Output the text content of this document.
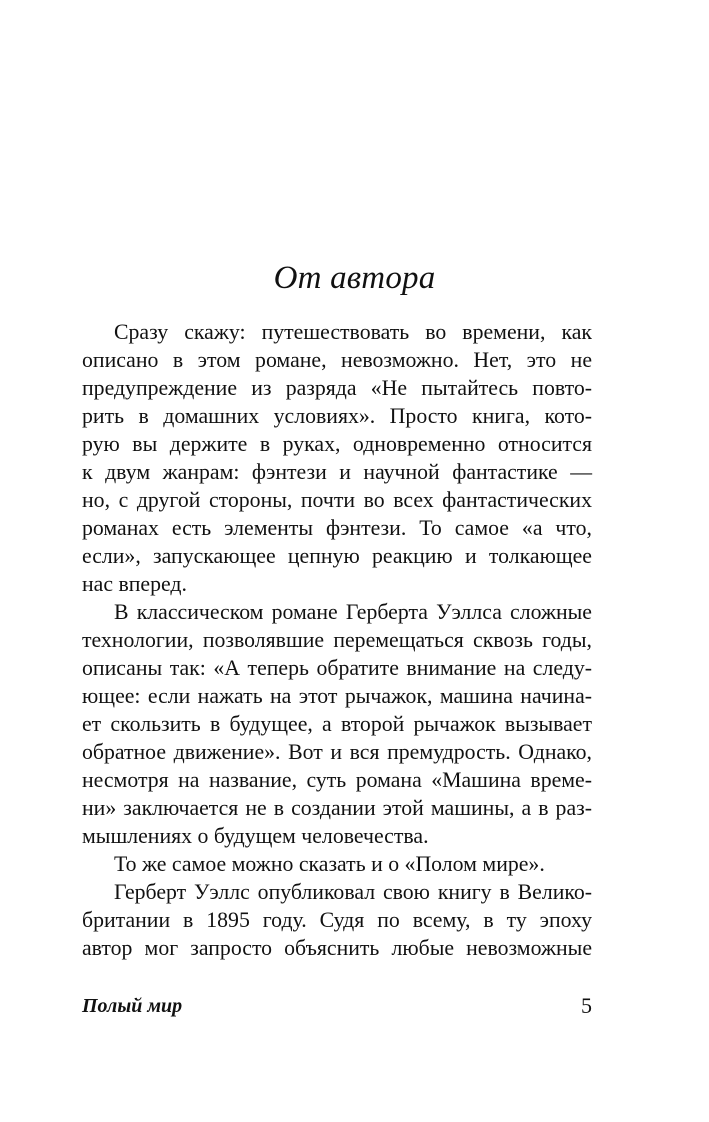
От автора
Сразу скажу: путешествовать во времени, как
описано в этом романе, невозможно. Нет, это не
предупреждение из разряда «Не пытайтесь повто-
рить в домашних условиях». Просто книга, кото-
рую вы держите в руках, одновременно относится
к двум жанрам: фэнтези и научной фантастике —
но, с другой стороны, почти во всех фантастических
романах есть элементы фэнтези. То самое «а что,
если», запускающее цепную реакцию и толкающее
нас вперед.
В классическом романе Герберта Уэллса сложные
технологии, позволявшие перемещаться сквозь годы,
описаны так: «А теперь обратите внимание на следу-
ющее: если нажать на этот рычажок, машина начина-
ет скользить в будущее, а второй рычажок вызывает
обратное движение». Вот и вся премудрость. Однако,
несмотря на название, суть романа «Машина време-
ни» заключается не в создании этой машины, а в раз-
мышлениях о будущем человечества.
То же самое можно сказать и о «Полом мире».
Герберт Уэллс опубликовал свою книгу в Велико-
британии в 1895 году. Судя по всему, в ту эпоху
автор мог запросто объяснить любые невозможные
Полый мир	5
